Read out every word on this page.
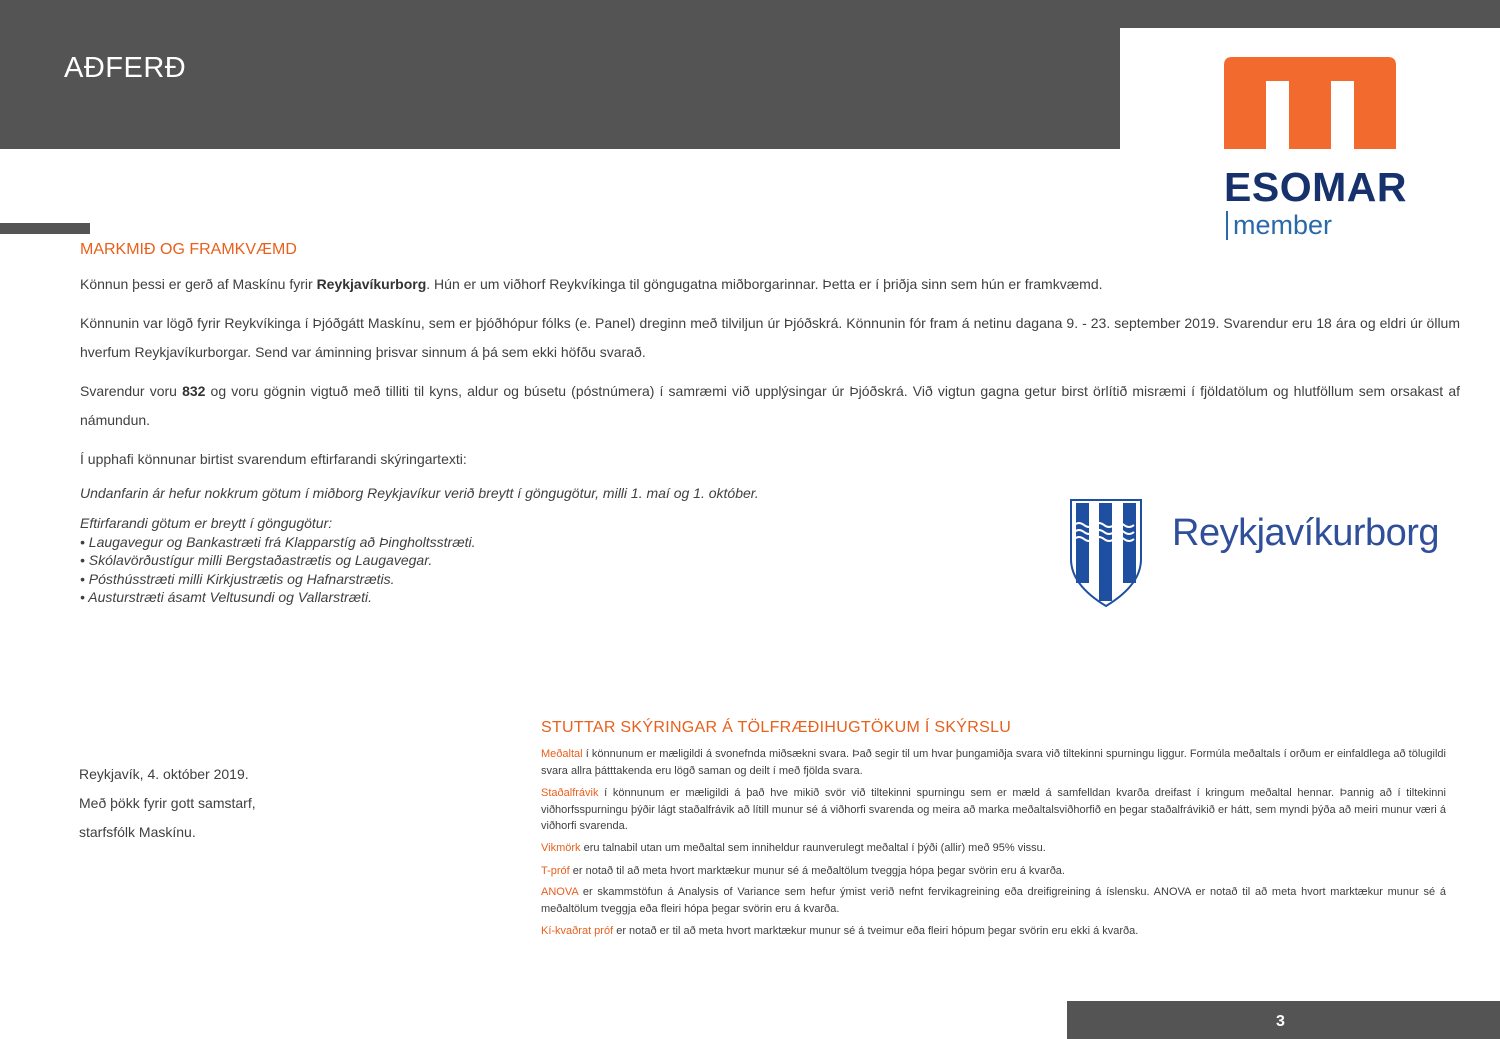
AÐFERÐ
ESOMAR
member
MARKMIÐ OG FRAMKVÆMD

Könnun þessi er gerð af Maskínu fyrir Reykjavíkurborg. Hún er um viðhorf Reykvíkinga til göngugatna miðborgarinnar. Þetta er í þriðja sinn sem hún er framkvæmd.

Könnunin var lögð fyrir Reykvíkinga í Þjóðgátt Maskínu, sem er þjóðhópur fólks (e. Panel) dreginn með tilviljun úr Þjóðskrá. Könnunin fór fram á netinu dagana 9. - 23. september 2019. Svarendur eru 18 ára og eldri úr öllum hverfum Reykjavíkurborgar. Send var áminning þrisvar sinnum á þá sem ekki höfðu svarað.

Svarendur voru 832 og voru gögnin vigtuð með tilliti til kyns, aldur og búsetu (póstnúmera) í samræmi við upplýsingar úr Þjóðskrá. Við vigtun gagna getur birst örlítið misræmi í fjöldatölum og hlutföllum sem orsakast af námundun.

Í upphafi könnunar birtist svarendum eftirfarandi skýringartexti:

Undanfarin ár hefur nokkrum götum í miðborg Reykjavíkur verið breytt í göngugötur, milli 1. maí og 1. október.

Eftirfarandi götum er breytt í göngugötur:
• Laugavegur og Bankastræti frá Klapparstíg að Þingholtsstræti.
• Skólavörðustígur milli Bergstaðastrætis og Laugavegar.
• Pósthússtræti milli Kirkjustrætis og Hafnarstrætis.
• Austurstræti ásamt Veltusundi og Vallarstræti.
Reykjavíkurborg
Reykjavík, 4. október 2019.
Með þökk fyrir gott samstarf,
starfsfólk Maskínu.
STUTTAR SKÝRINGAR Á TÖLFRÆÐIHUGTÖKUM Í SKÝRSLU

Meðaltal í könnunum er mæligildi á svonefnda miðsækni svara. Það segir til um hvar þungamiðja svara við tiltekinni spurningu liggur. Formúla meðaltals í orðum er einfaldlega að tölugildi svara allra þátttakenda eru lögð saman og deilt í með fjölda svara.

Staðalfrávik í könnunum er mæligildi á það hve mikið svör við tiltekinni spurningu sem er mæld á samfelldan kvarða dreifast í kringum meðaltal hennar. Þannig að í tiltekinni viðhorfsspurningu þýðir lágt staðalfrávik að lítill munur sé á viðhorfi svarenda og meira að marka meðaltalsviðhorfið en þegar staðalfrávikið er hátt, sem myndi þýða að meiri munur væri á viðhorfi svarenda.

Vikmörk eru talnabil utan um meðaltal sem inniheldur raunverulegt meðaltal í þýði (allir) með 95% vissu.

T-próf er notað til að meta hvort marktækur munur sé á meðaltölum tveggja hópa þegar svörin eru á kvarða.

ANOVA er skammstöfun á Analysis of Variance sem hefur ýmist verið nefnt fervikagreining eða dreifigreining á íslensku. ANOVA er notað til að meta hvort marktækur munur sé á meðaltölum tveggja eða fleiri hópa þegar svörin eru á kvarða.

Kí-kvaðrat próf er notað er til að meta hvort marktækur munur sé á tveimur eða fleiri hópum þegar svörin eru ekki á kvarða.

3
